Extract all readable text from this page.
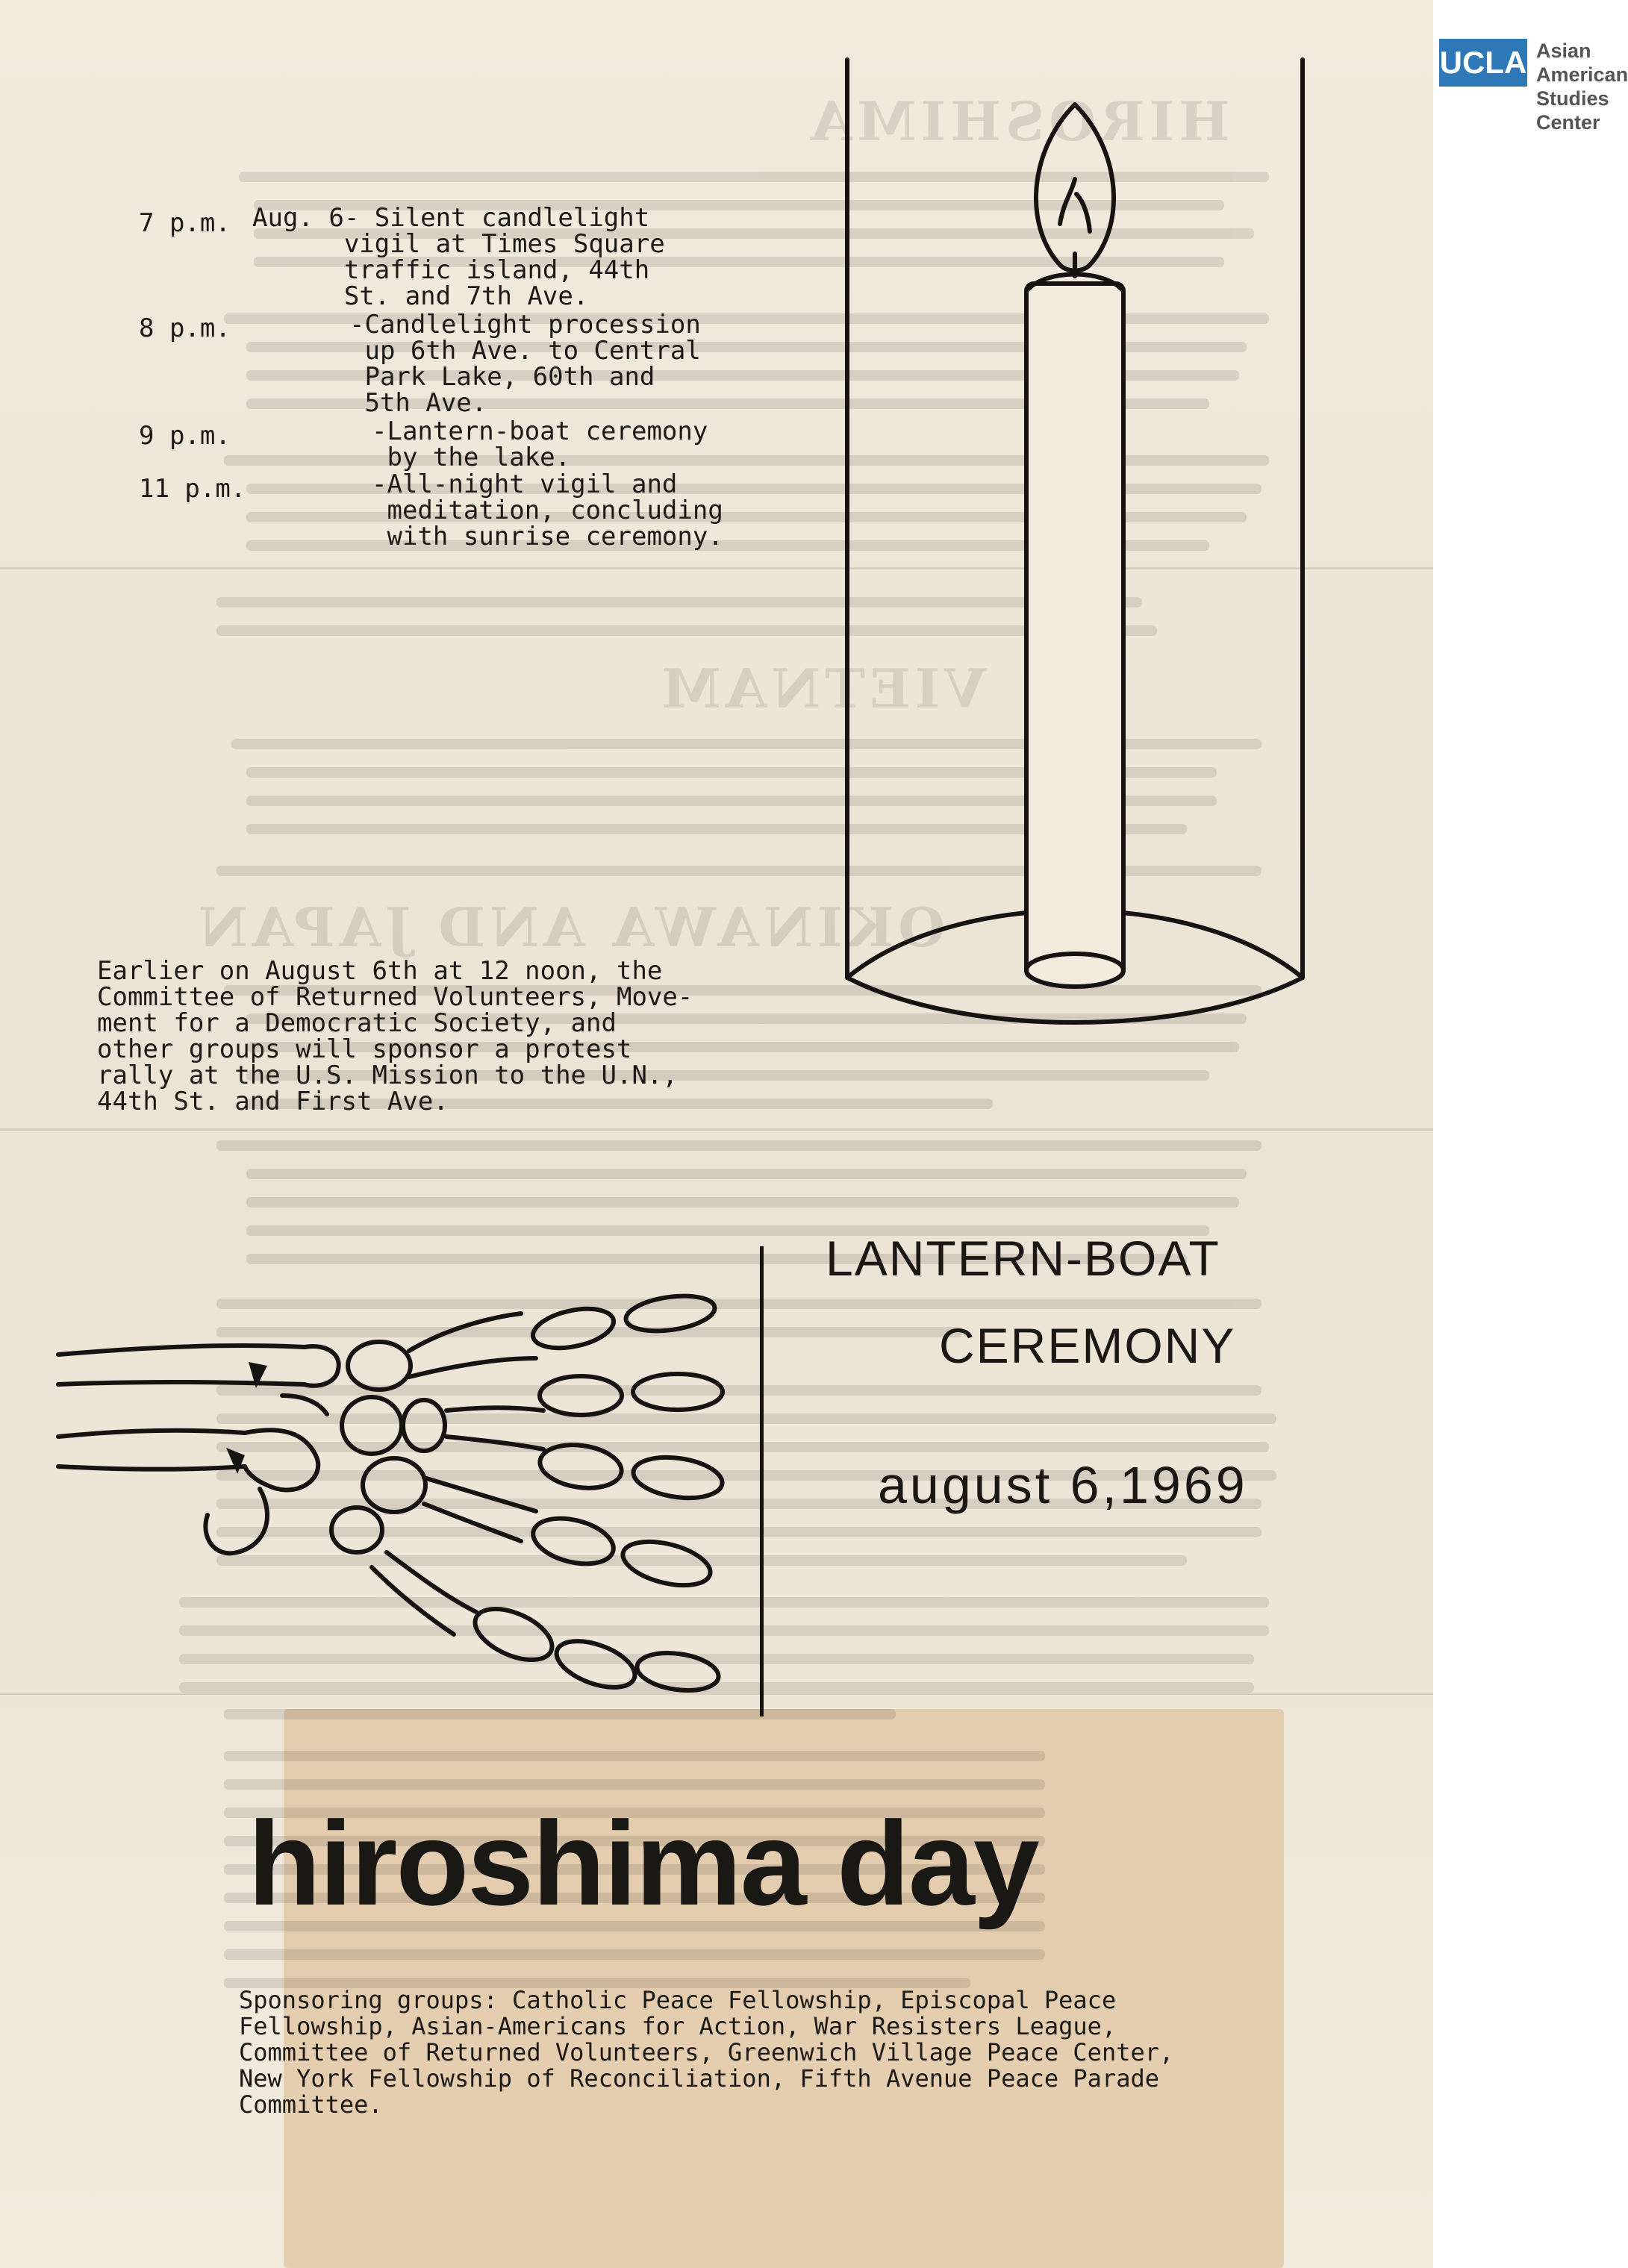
HIROSHIMA
VIETNAM
OKINAWA AND JAPAN
7 p.m. Aug. 6- Silent candlelight
vigil at Times Square
traffic island, 44th
St. and 7th Ave.
8 p.m.	-Candlelight procession
up 6th Ave. to Central
Park Lake, 60th and
5th Ave.
9 p.m.	-Lantern-boat ceremony
by the lake.
11 p.m.	-All-night vigil and
meditation, concluding
with sunrise ceremony.
Earlier on August 6th at 12 noon, the
Committee of Returned Volunteers, Move-
ment for a Democratic Society, and
other groups will sponsor a protest
rally at the U.S. Mission to the U.N.,
44th St. and First Ave.
LANTERN-BOAT
CEREMONY
august 6,1969
hiroshima day
Sponsoring groups: Catholic Peace Fellowship, Episcopal Peace
Fellowship, Asian-Americans for Action, War Resisters League,
Committee of Returned Volunteers, Greenwich Village Peace Center,
New York Fellowship of Reconciliation, Fifth Avenue Peace Parade
Committee.
UCLA Asian American
Studies Center
